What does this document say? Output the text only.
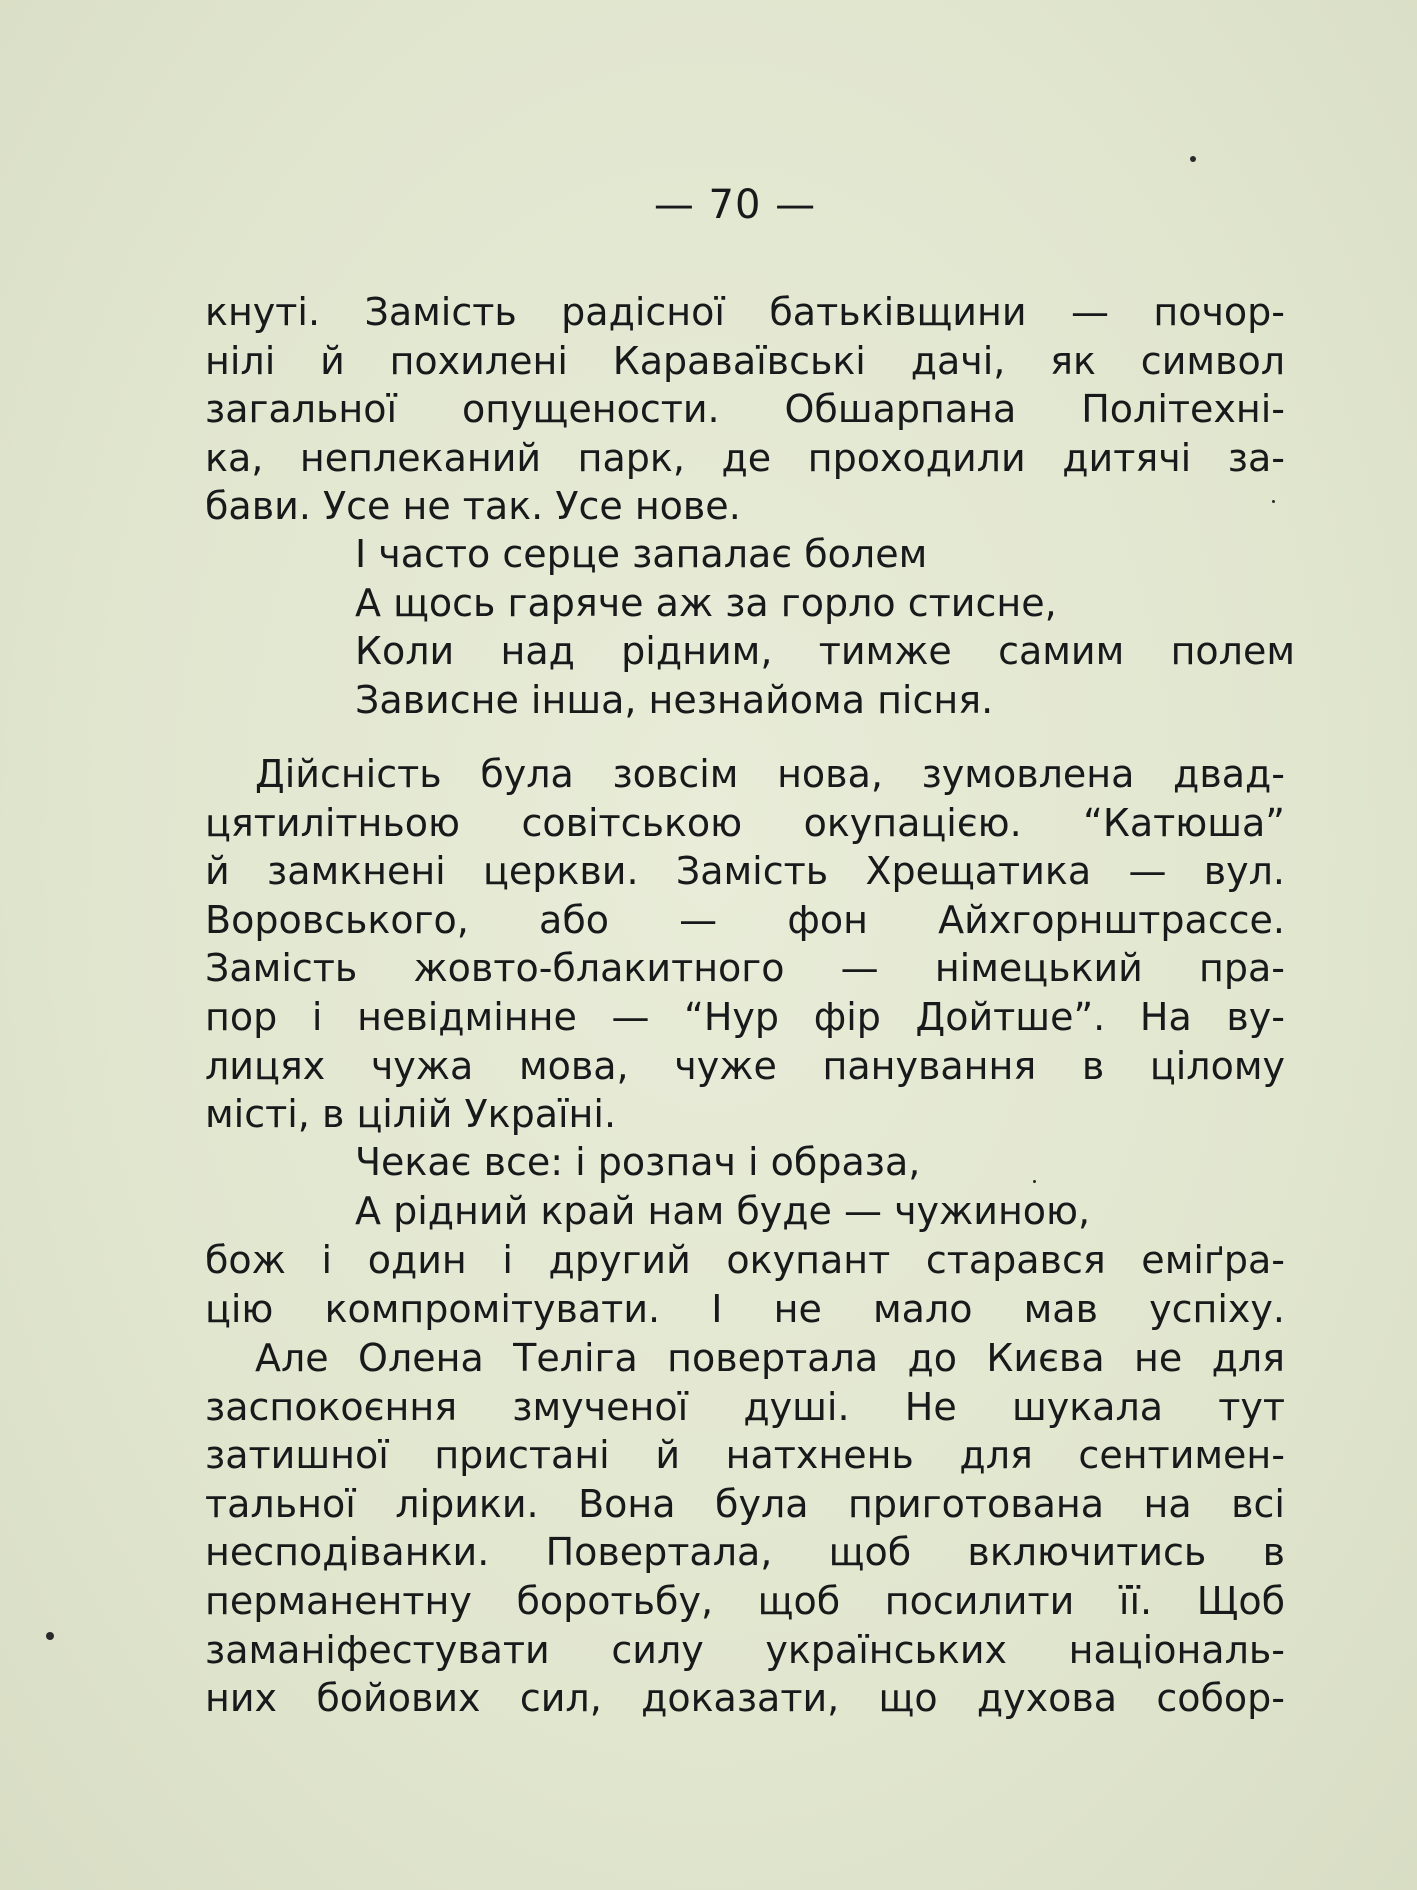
— 70 —
кнуті. Замість радісної батьківщини — почор-
нілі й похилені Караваївські дачі, як символ
загальної опущености. Обшарпана Політехні-
ка, неплеканий парк, де проходили дитячі за-
бави. Усе не так. Усе нове.
І часто серце запалає болем
А щось гаряче аж за горло стисне,
Коли над рідним, тимже самим полем
Зависне інша, незнайома пісня.
Дійсність була зовсім нова, зумовлена двад-
цятилітньою совітською окупацією. “Катюша”
й замкнені церкви. Замість Хрещатика — вул.
Воровського, або — фон Айхгорнштрассе.
Замість жовто-блакитного — німецький пра-
пор і невідмінне — “Нур фір Дойтше”. На ву-
лицях чужа мова, чуже панування в цілому
місті, в цілій Україні.
Чекає все: і розпач і образа,
А рідний край нам буде — чужиною,
бож і один і другий окупант старався еміґра-
цію компромітувати. І не мало мав успіху.
Але Олена Теліга повертала до Києва не для
заспокоєння змученої душі. Не шукала тут
затишної пристані й натхнень для сентимен-
тальної лірики. Вона була приготована на всі
несподіванки. Повертала, щоб включитись в
перманентну боротьбу, щоб посилити її. Щоб
заманіфестувати силу українських національ-
них бойових сил, доказати, що духова собор-
